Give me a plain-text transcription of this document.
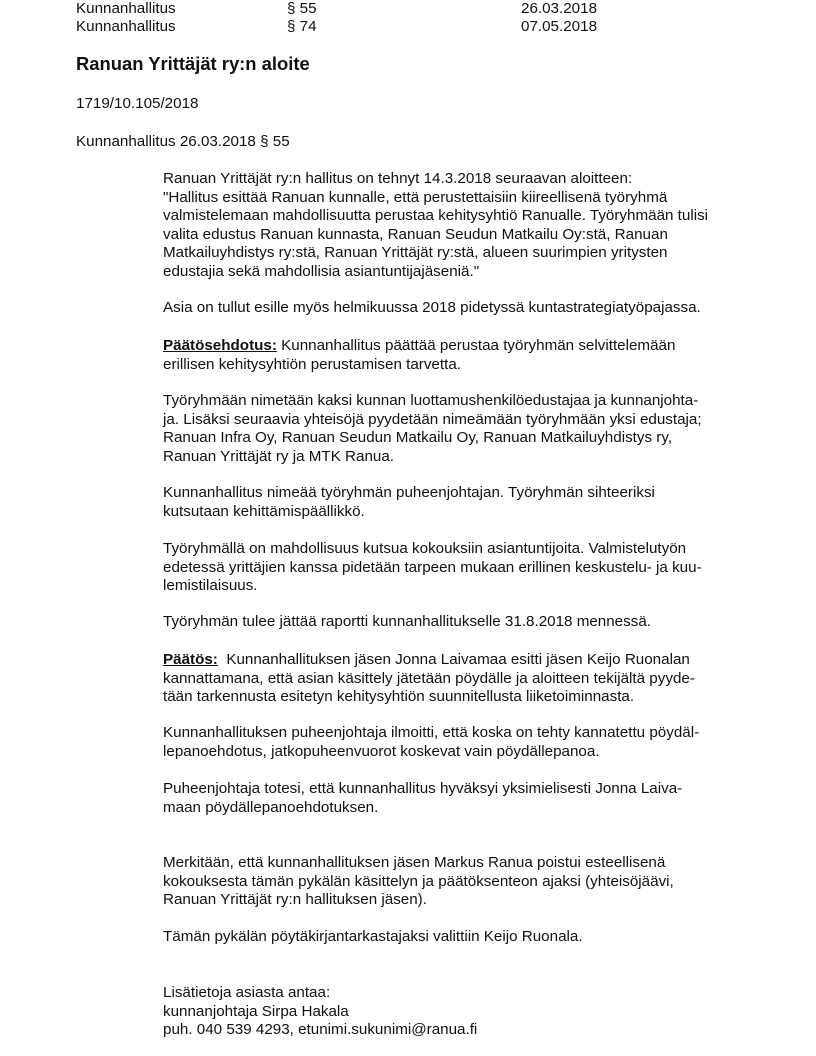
Kunnanhallitus	§ 55	26.03.2018
Kunnanhallitus	§ 74	07.05.2018
Ranuan Yrittäjät ry:n aloite
1719/10.105/2018
Kunnanhallitus 26.03.2018 § 55
Ranuan Yrittäjät ry:n hallitus on tehnyt 14.3.2018 seuraavan aloitteen:
"Hallitus esittää Ranuan kunnalle, että perustettaisiin kiireellisenä työryhmä
valmistelemaan mahdollisuutta perustaa kehitysyhtiö Ranualle. Työryhmään tulisi
valita edustus Ranuan kunnasta, Ranuan Seudun Matkailu Oy:stä, Ranuan
Matkailuyhdistys ry:stä, Ranuan Yrittäjät ry:stä, alueen suurimpien yritysten
edustajia sekä mahdollisia asiantuntijajäseniä."
Asia on tullut esille myös helmikuussa 2018 pidetyssä kuntastrategiatyöpajassa.
Päätösehdotus: Kunnanhallitus päättää perustaa työryhmän selvittelemään
erillisen kehitysyhtiön perustamisen tarvetta.
Työryhmään nimetään kaksi kunnan luottamushenkilöedustajaa ja kunnanjohta-
ja. Lisäksi seuraavia yhteisöjä pyydetään nimeämään työryhmään yksi edustaja;
Ranuan Infra Oy, Ranuan Seudun Matkailu Oy, Ranuan Matkailuyhdistys ry,
Ranuan Yrittäjät ry ja MTK Ranua.
Kunnanhallitus nimeää työryhmän puheenjohtajan. Työryhmän sihteeriksi
kutsutaan kehittämispäällikkö.
Työryhmällä on mahdollisuus kutsua kokouksiin asiantuntijoita. Valmistelutyön
edetessä yrittäjien kanssa pidetään tarpeen mukaan erillinen keskustelu- ja kuu-
lemistilaisuus.
Työryhmän tulee jättää raportti kunnanhallitukselle 31.8.2018 mennessä.
Päätös:  Kunnanhallituksen jäsen Jonna Laivamaa esitti jäsen Keijo Ruonalan
kannattamana, että asian käsittely jätetään pöydälle ja aloitteen tekijältä pyyde-
tään tarkennusta esitetyn kehitysyhtiön suunnitellusta liiketoiminnasta.
Kunnanhallituksen puheenjohtaja ilmoitti, että koska on tehty kannatettu pöydäl-
lepanoehdotus, jatkopuheenvuorot koskevat vain pöydällepanoa.
Puheenjohtaja totesi, että kunnanhallitus hyväksyi yksimielisesti Jonna Laiva-
maan pöydällepanoehdotuksen.
Merkitään, että kunnanhallituksen jäsen Markus Ranua poistui esteellisenä
kokouksesta tämän pykälän käsittelyn ja päätöksenteon ajaksi (yhteisöjäävi,
Ranuan Yrittäjät ry:n hallituksen jäsen).
Tämän pykälän pöytäkirjantarkastajaksi valittiin Keijo Ruonala.
Lisätietoja asiasta antaa:
kunnanjohtaja Sirpa Hakala
puh. 040 539 4293, etunimi.sukunimi@ranua.fi
